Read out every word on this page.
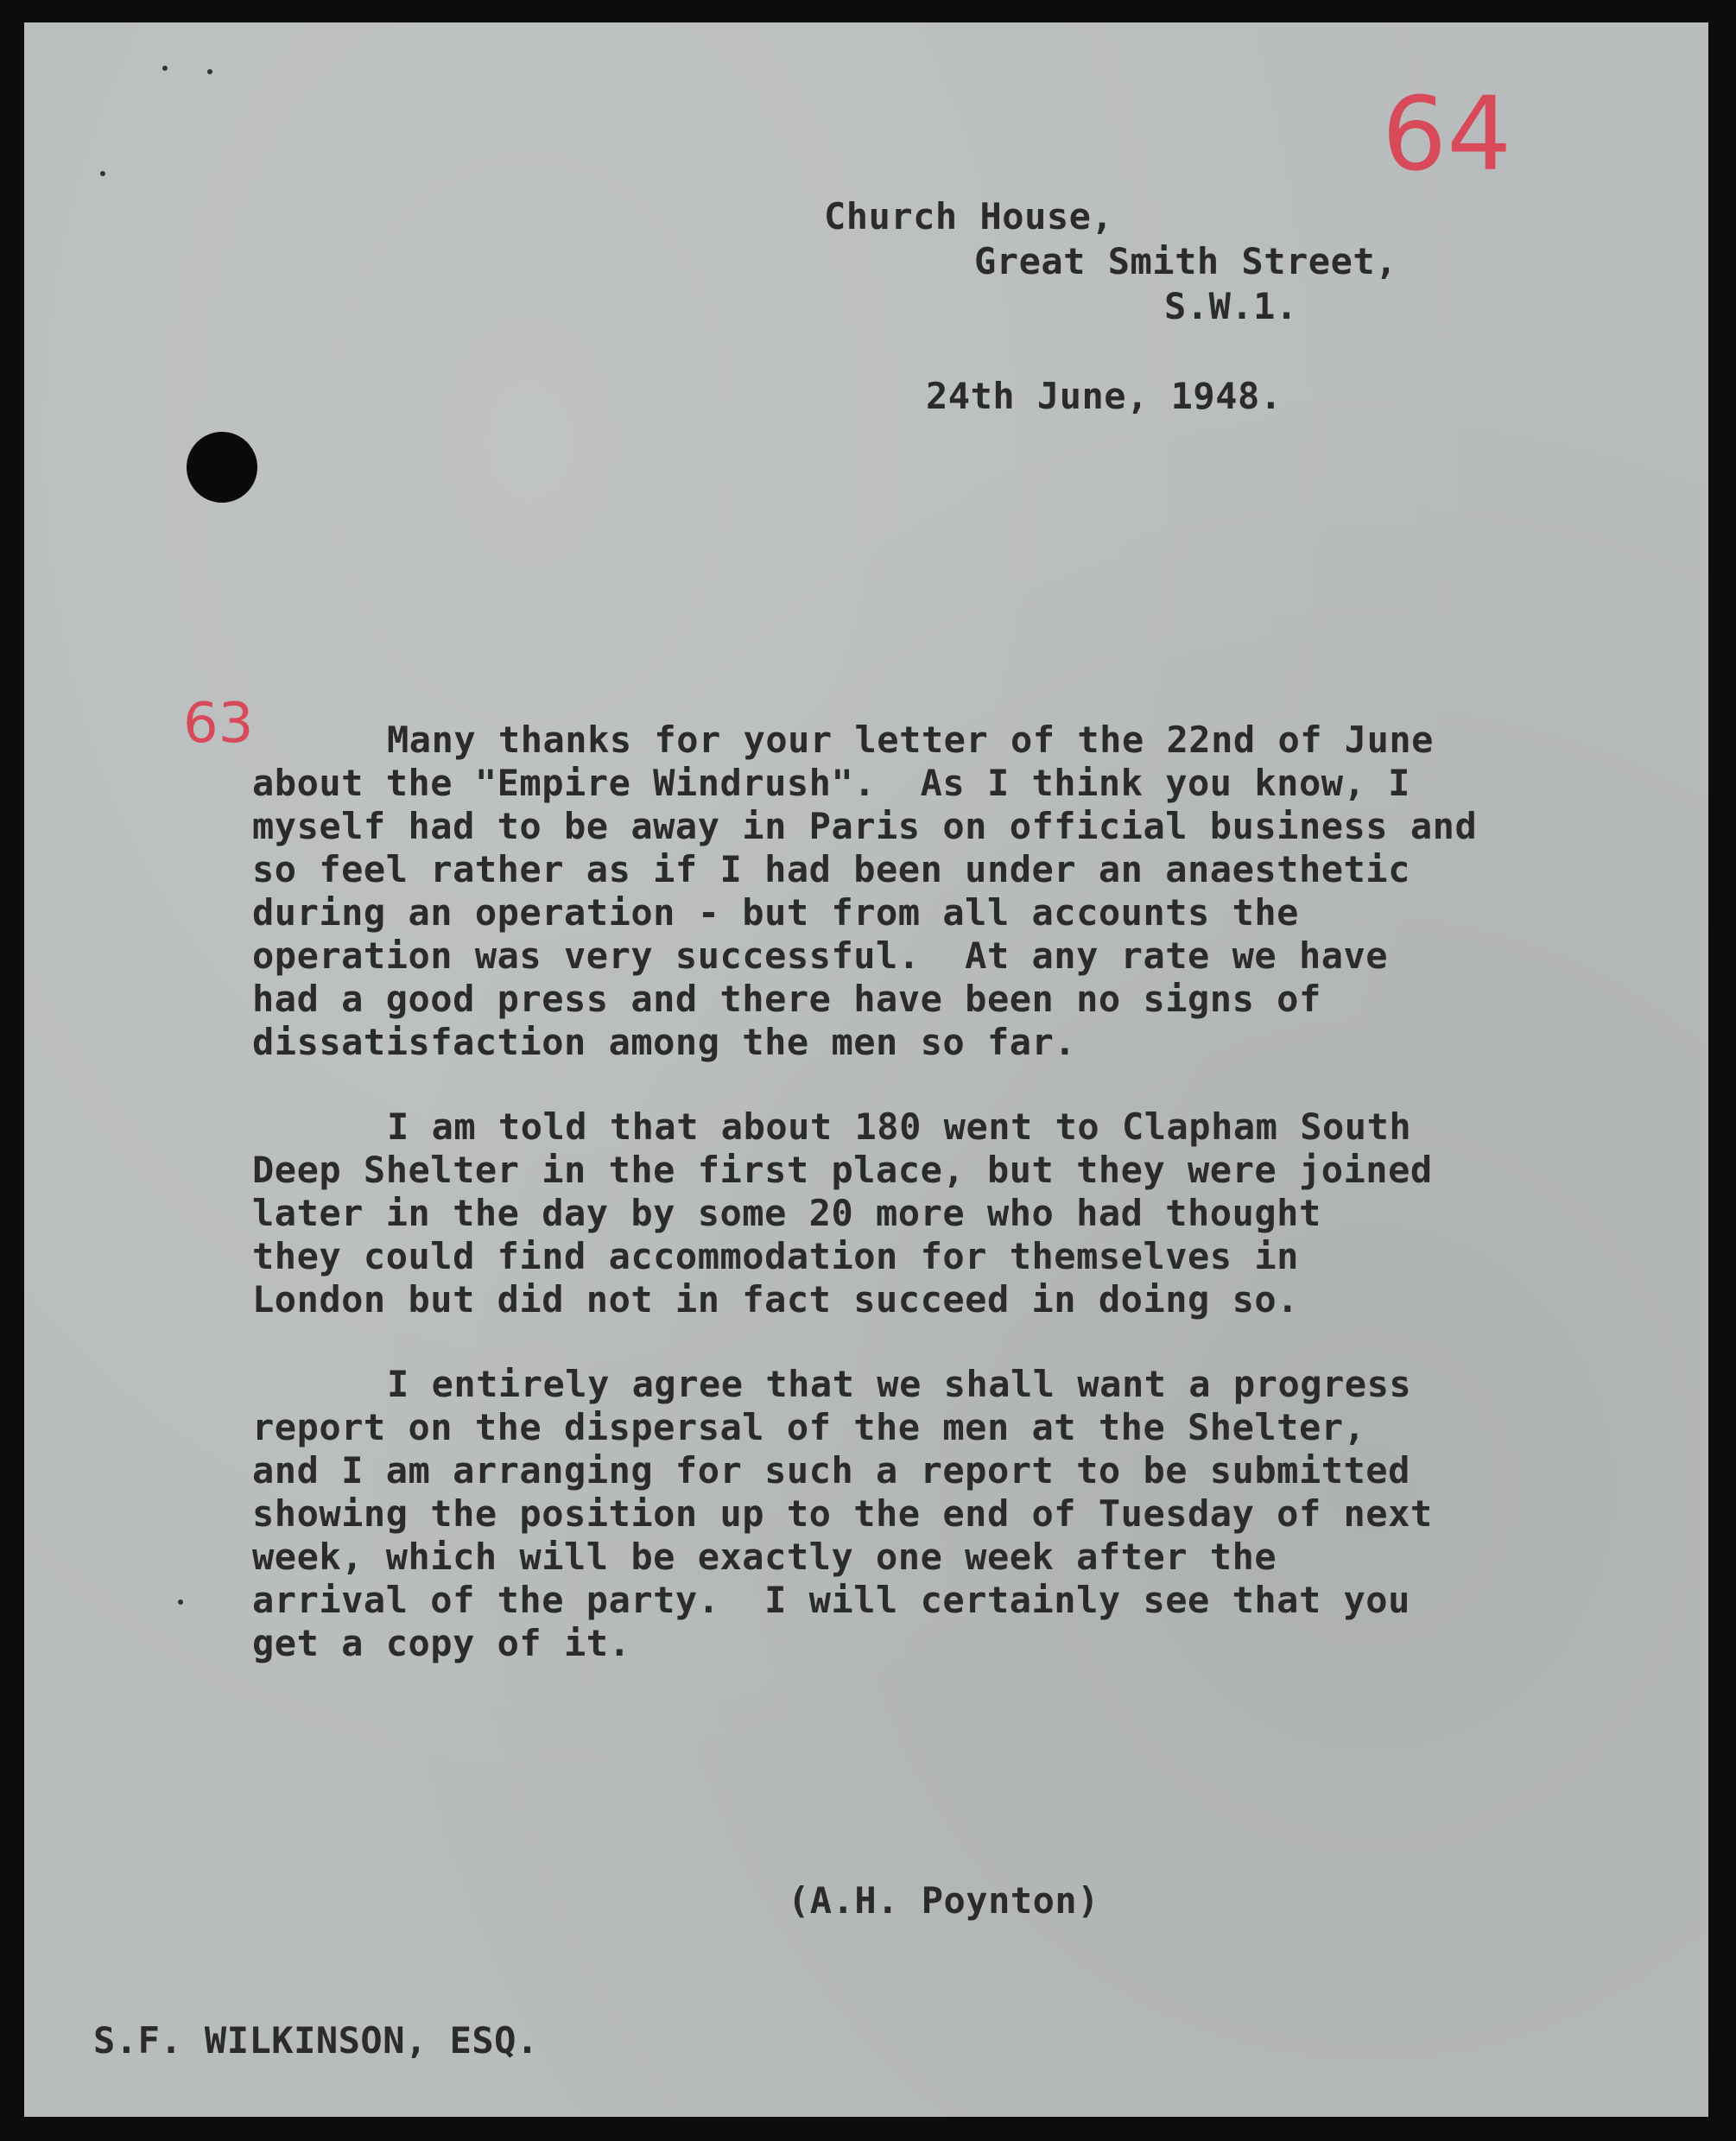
64
63
Church House,
Great Smith Street,
S.W.1.
24th June, 1948.
Many thanks for your letter of the 22nd of June
about the "Empire Windrush".  As I think you know, I
myself had to be away in Paris on official business and
so feel rather as if I had been under an anaesthetic
during an operation - but from all accounts the
operation was very successful.  At any rate we have
had a good press and there have been no signs of
dissatisfaction among the men so far.
I am told that about 180 went to Clapham South
Deep Shelter in the first place, but they were joined
later in the day by some 20 more who had thought
they could find accommodation for themselves in
London but did not in fact succeed in doing so.
I entirely agree that we shall want a progress
report on the dispersal of the men at the Shelter,
and I am arranging for such a report to be submitted
showing the position up to the end of Tuesday of next
week, which will be exactly one week after the
arrival of the party.  I will certainly see that you
get a copy of it.
(A.H. Poynton)
S.F. WILKINSON, ESQ.
